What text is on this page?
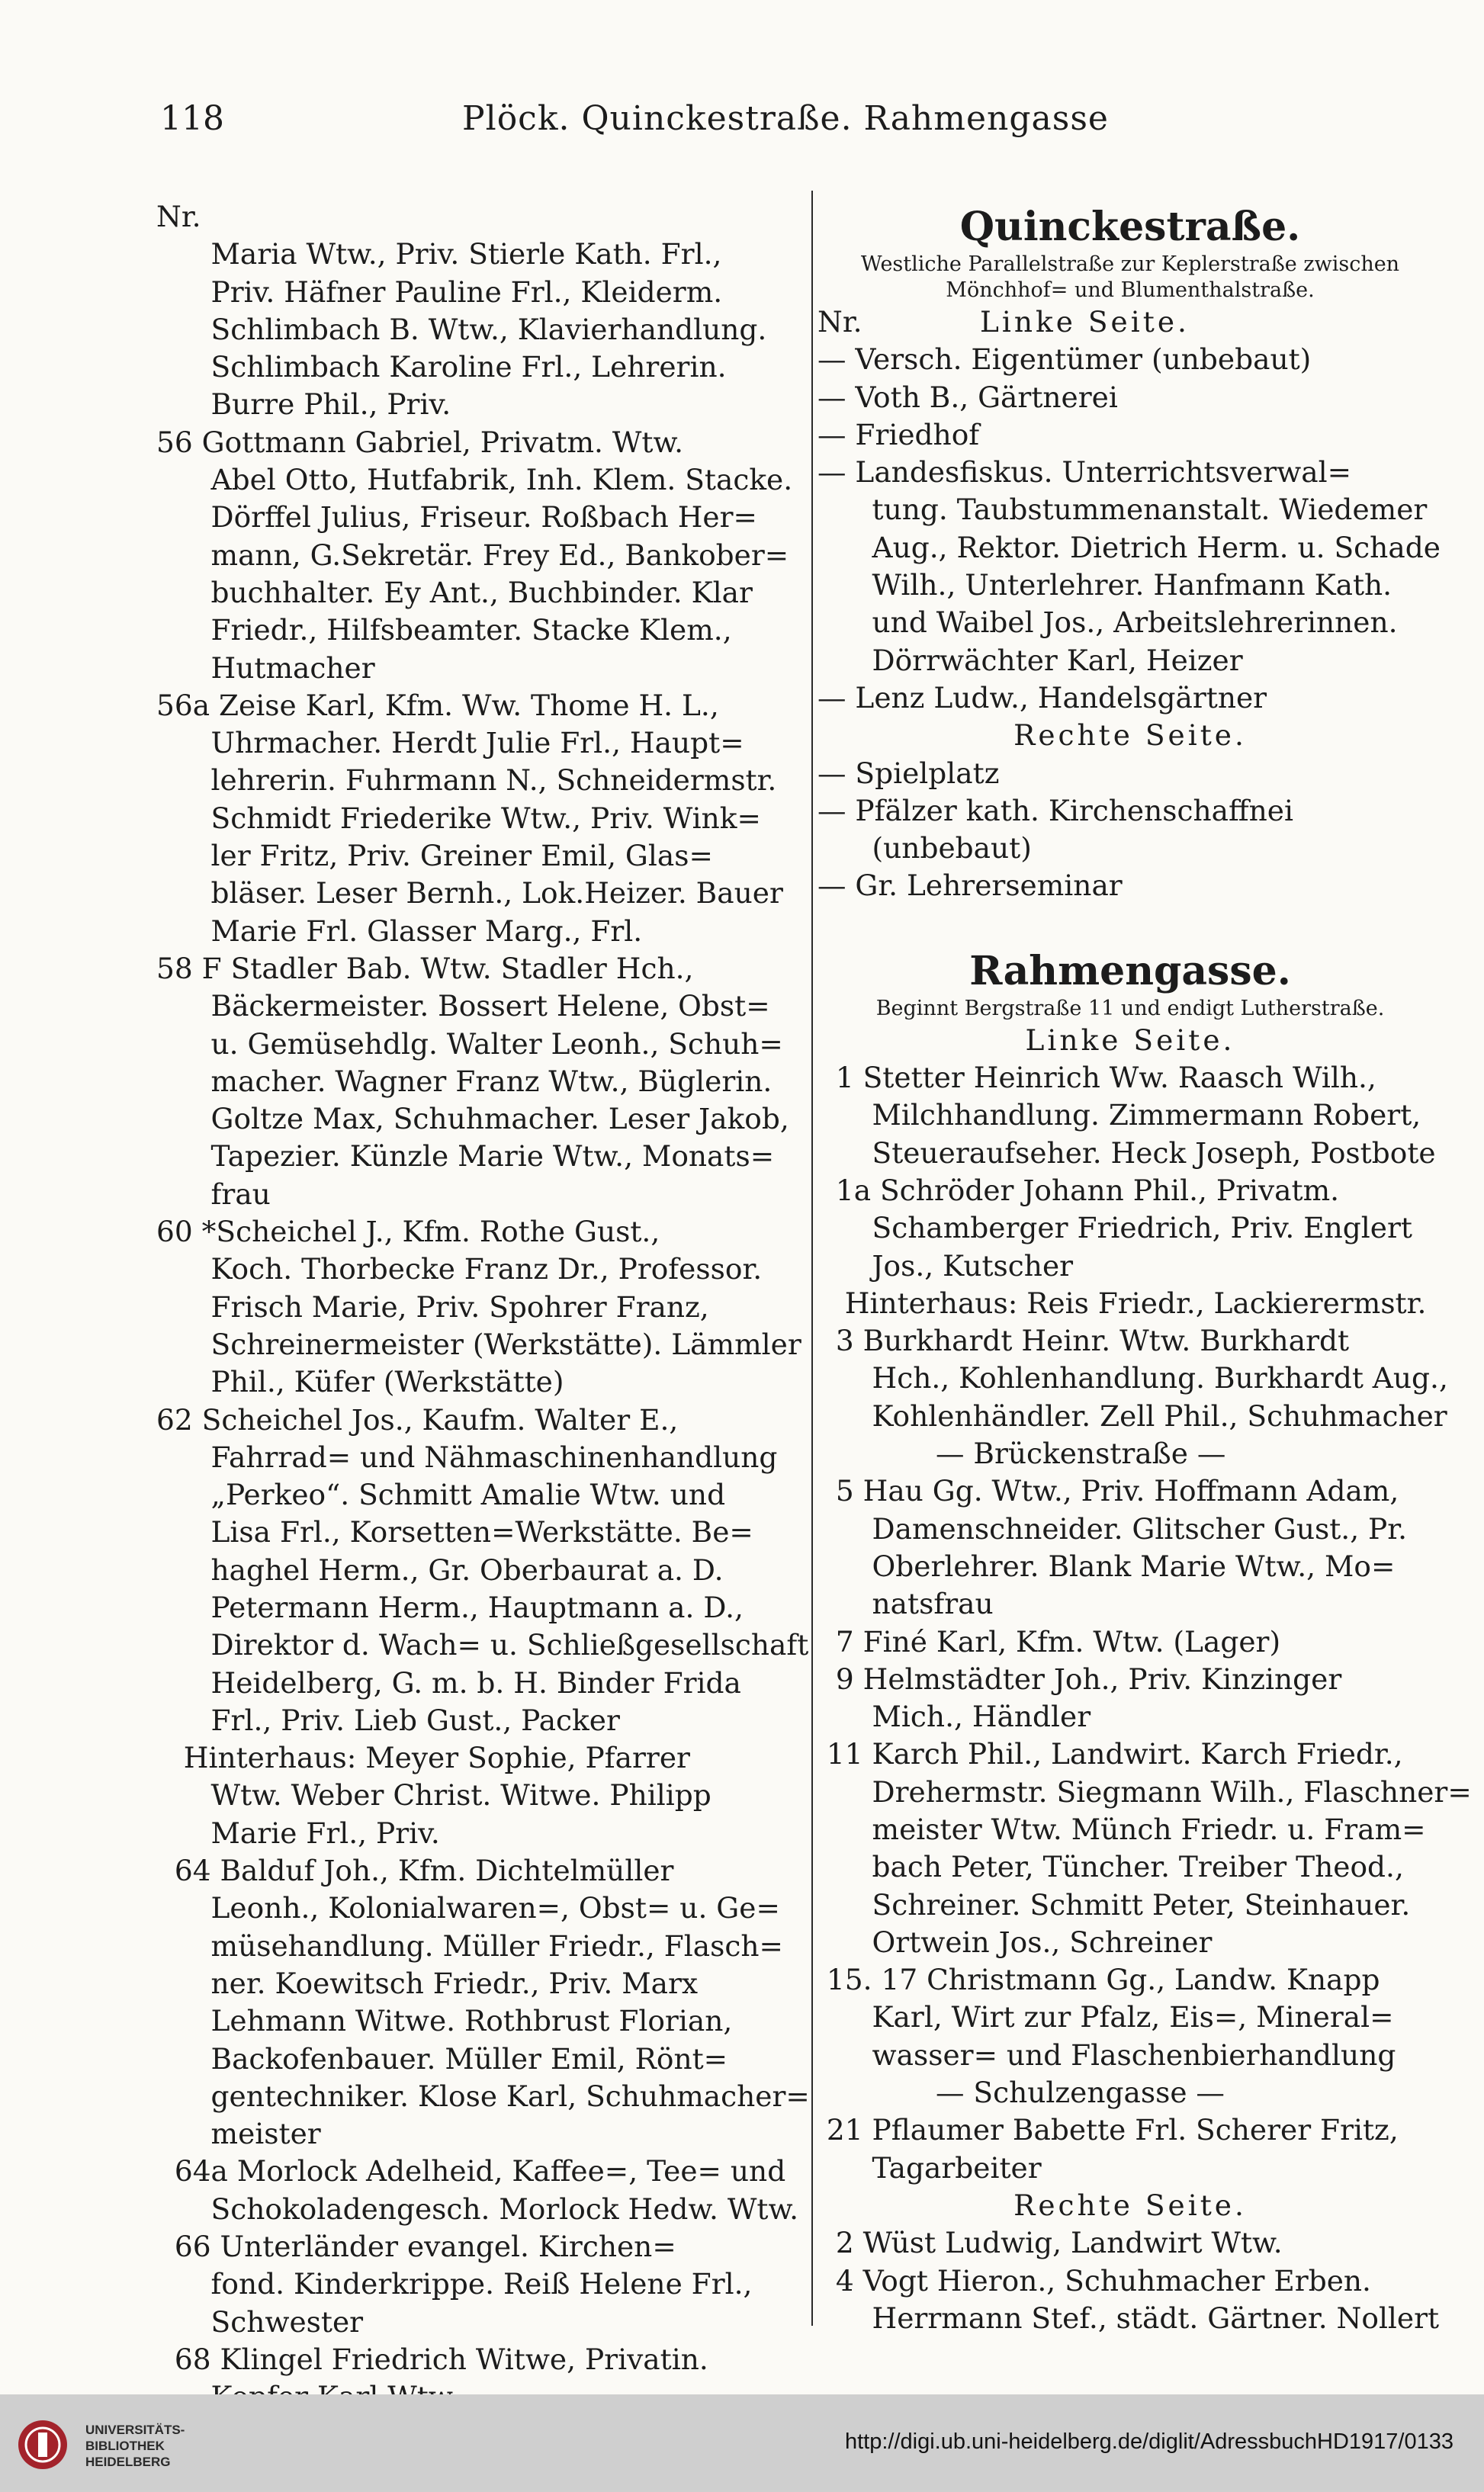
118	Plöck. Quinckestraße. Rahmengasse
Nr.
Maria Wtw., Priv. Stierle Kath. Frl.,
Priv. Häfner Pauline Frl., Kleiderm.
Schlimbach B. Wtw., Klavierhandlung.
Schlimbach Karoline Frl., Lehrerin.
Burre Phil., Priv.
56 Gottmann Gabriel, Privatm. Wtw.
Abel Otto, Hutfabrik, Inh. Klem. Stacke.
Dörffel Julius, Friseur. Roßbach Her=
mann, G.Sekretär. Frey Ed., Bankober=
buchhalter. Ey Ant., Buchbinder. Klar
Friedr., Hilfsbeamter. Stacke Klem.,
Hutmacher
56a Zeise Karl, Kfm. Ww. Thome H. L.,
Uhrmacher. Herdt Julie Frl., Haupt=
lehrerin. Fuhrmann N., Schneidermstr.
Schmidt Friederike Wtw., Priv. Wink=
ler Fritz, Priv. Greiner Emil, Glas=
bläser. Leser Bernh., Lok.Heizer. Bauer
Marie Frl. Glasser Marg., Frl.
58 F Stadler Bab. Wtw. Stadler Hch.,
Bäckermeister. Bossert Helene, Obst=
u. Gemüsehdlg. Walter Leonh., Schuh=
macher. Wagner Franz Wtw., Büglerin.
Goltze Max, Schuhmacher. Leser Jakob,
Tapezier. Künzle Marie Wtw., Monats=
frau
60 *Scheichel J., Kfm. Rothe Gust.,
Koch. Thorbecke Franz Dr., Professor.
Frisch Marie, Priv. Spohrer Franz,
Schreinermeister (Werkstätte). Lämmler
Phil., Küfer (Werkstätte)
62 Scheichel Jos., Kaufm. Walter E.,
Fahrrad= und Nähmaschinenhandlung
„Perkeo“. Schmitt Amalie Wtw. und
Lisa Frl., Korsetten=Werkstätte. Be=
haghel Herm., Gr. Oberbaurat a. D.
Petermann Herm., Hauptmann a. D.,
Direktor d. Wach= u. Schließgesellschaft
Heidelberg, G. m. b. H. Binder Frida
Frl., Priv. Lieb Gust., Packer
Hinterhaus: Meyer Sophie, Pfarrer
Wtw. Weber Christ. Witwe. Philipp
Marie Frl., Priv.
64 Balduf Joh., Kfm. Dichtelmüller
Leonh., Kolonialwaren=, Obst= u. Ge=
müsehandlung. Müller Friedr., Flasch=
ner. Koewitsch Friedr., Priv. Marx
Lehmann Witwe. Rothbrust Florian,
Backofenbauer. Müller Emil, Rönt=
gentechniker. Klose Karl, Schuhmacher=
meister
64a Morlock Adelheid, Kaffee=, Tee= und
Schokoladengesch. Morlock Hedw. Wtw.
66 Unterländer evangel. Kirchen=
fond. Kinderkrippe. Reiß Helene Frl.,
Schwester
68 Klingel Friedrich Witwe, Privatin.
Quinckestraße.
Westliche Parallelstraße zur Keplerstraße zwischen
Mönchhof= und Blumenthalstraße.
Nr.	Linke Seite.
— Versch. Eigentümer (unbebaut)
— Voth B., Gärtnerei
— Friedhof
— Landesfiskus. Unterrichtsverwal=
tung. Taubstummenanstalt. Wiedemer
Aug., Rektor. Dietrich Herm. u. Schade
Wilh., Unterlehrer. Hanfmann Kath.
und Waibel Jos., Arbeitslehrerinnen.
Dörrwächter Karl, Heizer
— Lenz Ludw., Handelsgärtner
Rechte Seite.
— Spielplatz
— Pfälzer kath. Kirchenschaffnei
(unbebaut)
— Gr. Lehrerseminar
Rahmengasse.
Beginnt Bergstraße 11 und endigt Lutherstraße.
Linke Seite.
1 Stetter Heinrich Ww. Raasch Wilh.,
Milchhandlung. Zimmermann Robert,
Steueraufseher. Heck Joseph, Postbote
1a Schröder Johann Phil., Privatm.
Schamberger Friedrich, Priv. Englert
Jos., Kutscher
Hinterhaus: Reis Friedr., Lackierermstr.
3 Burkhardt Heinr. Wtw. Burkhardt
Hch., Kohlenhandlung. Burkhardt Aug.,
Kohlenhändler. Zell Phil., Schuhmacher
— Brückenstraße —
5 Hau Gg. Wtw., Priv. Hoffmann Adam,
Damenschneider. Glitscher Gust., Pr.
Oberlehrer. Blank Marie Wtw., Mo=
natsfrau
7 Finé Karl, Kfm. Wtw. (Lager)
9 Helmstädter Joh., Priv. Kinzinger
Mich., Händler
11 Karch Phil., Landwirt. Karch Friedr.,
Drehermstr. Siegmann Wilh., Flaschner=
meister Wtw. Münch Friedr. u. Fram=
bach Peter, Tüncher. Treiber Theod.,
Schreiner. Schmitt Peter, Steinhauer.
Ortwein Jos., Schreiner
15. 17 Christmann Gg., Landw. Knapp
Karl, Wirt zur Pfalz, Eis=, Mineral=
wasser= und Flaschenbierhandlung
— Schulzengasse —
21 Pflaumer Babette Frl. Scherer Fritz,
Tagarbeiter
Rechte Seite.
2 Wüst Ludwig, Landwirt Wtw.
4 Vogt Hieron., Schuhmacher Erben.
Herrmann Stef., städt. Gärtner. Nollert
UNIVERSITÄTS-
BIBLIOTHEK
HEIDELBERG
http://digi.ub.uni-heidelberg.de/diglit/AdressbuchHD1917/0133
